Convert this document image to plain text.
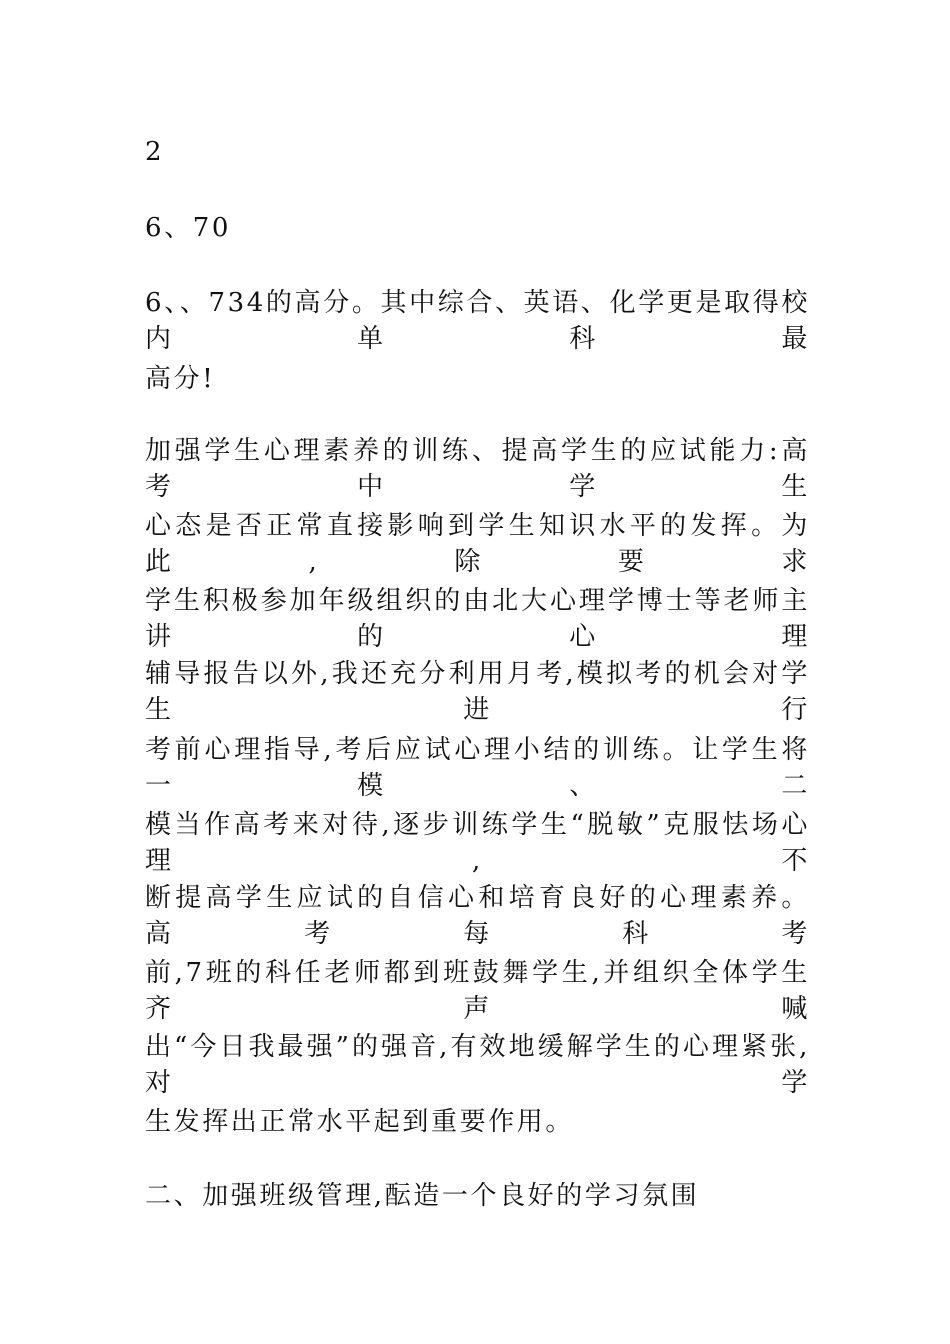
2
6、70
6、、734的高分。其中综合、英语、化学更是取得校内单科最
高分!
加强学生心理素养的训练、提高学生的应试能力:高考中学生
心态是否正常直接影响到学生知识水平的发挥。为此,除要求
学生积极参加年级组织的由北大心理学博士等老师主讲的心理
辅导报告以外,我还充分利用月考,模拟考的机会对学生进行
考前心理指导,考后应试心理小结的训练。让学生将一模、二
模当作高考来对待,逐步训练学生“脱敏”克服怯场心理,不
断提高学生应试的自信心和培育良好的心理素养。 高考每科考
前,7班的科任老师都到班鼓舞学生,并组织全体学生齐声喊
出“今日我最强”的强音,有效地缓解学生的心理紧张,对学
生发挥出正常水平起到重要作用。
二、加强班级管理,酝造一个良好的学习氛围
